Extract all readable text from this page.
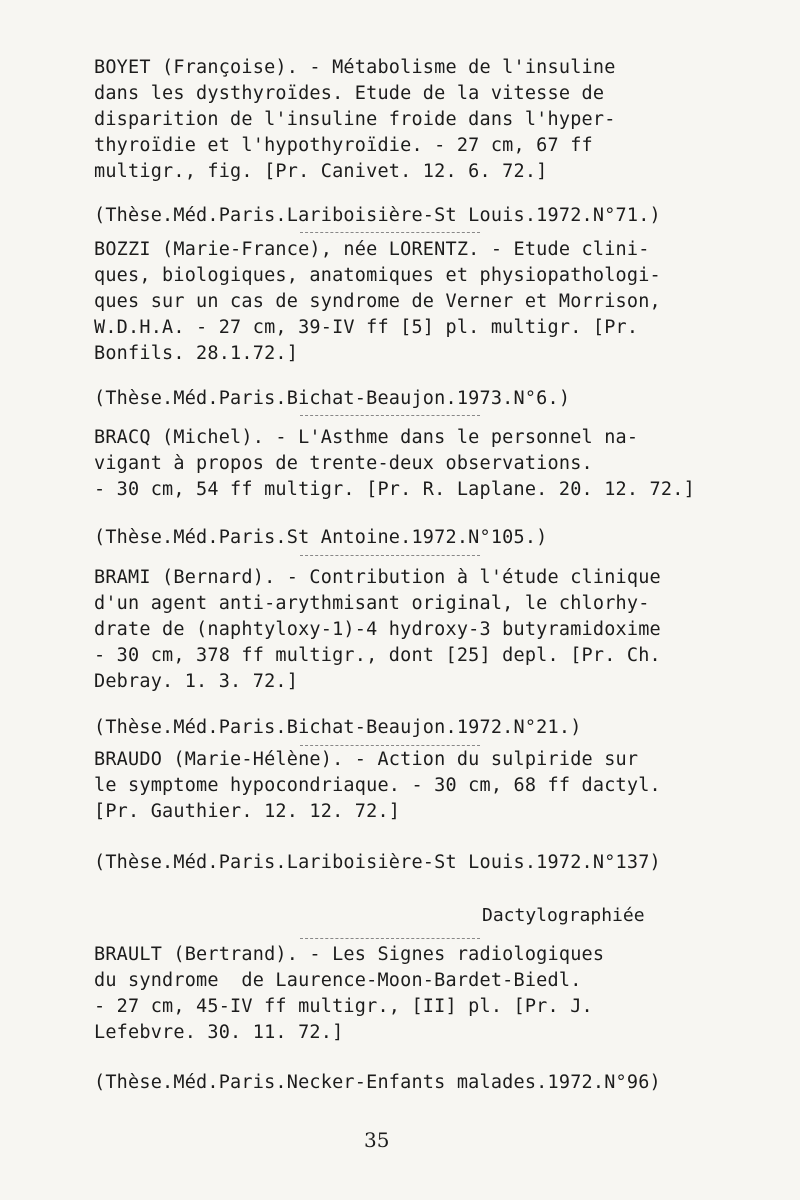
BOYET (Françoise). - Métabolisme de l'insuline
dans les dysthyroïdes. Etude de la vitesse de
disparition de l'insuline froide dans l'hyper-
thyroïdie et l'hypothyroïdie. - 27 cm, 67 ff
multigr., fig. [Pr. Canivet. 12. 6. 72.]
(Thèse.Méd.Paris.Lariboisière-St Louis.1972.N°71.)
BOZZI (Marie-France), née LORENTZ. - Etude clini-
ques, biologiques, anatomiques et physiopathologi-
ques sur un cas de syndrome de Verner et Morrison,
W.D.H.A. - 27 cm, 39-IV ff [5] pl. multigr. [Pr.
Bonfils. 28.1.72.]
(Thèse.Méd.Paris.Bichat-Beaujon.1973.N°6.)
BRACQ (Michel). - L'Asthme dans le personnel na-
vigant à propos de trente-deux observations.
- 30 cm, 54 ff multigr. [Pr. R. Laplane. 20. 12. 72.]
(Thèse.Méd.Paris.St Antoine.1972.N°105.)
BRAMI (Bernard). - Contribution à l'étude clinique
d'un agent anti-arythmisant original, le chlorhy-
drate de (naphtyloxy-1)-4 hydroxy-3 butyramidoxime
- 30 cm, 378 ff multigr., dont [25] depl. [Pr. Ch.
Debray. 1. 3. 72.]
(Thèse.Méd.Paris.Bichat-Beaujon.1972.N°21.)
BRAUDO (Marie-Hélène). - Action du sulpiride sur
le symptome hypocondriaque. - 30 cm, 68 ff dactyl.
[Pr. Gauthier. 12. 12. 72.]
(Thèse.Méd.Paris.Lariboisière-St Louis.1972.N°137)
Dactylographiée
BRAULT (Bertrand). - Les Signes radiologiques
du syndrome  de Laurence-Moon-Bardet-Biedl.
- 27 cm, 45-IV ff multigr., [II] pl. [Pr. J.
Lefebvre. 30. 11. 72.]
(Thèse.Méd.Paris.Necker-Enfants malades.1972.N°96)
35
